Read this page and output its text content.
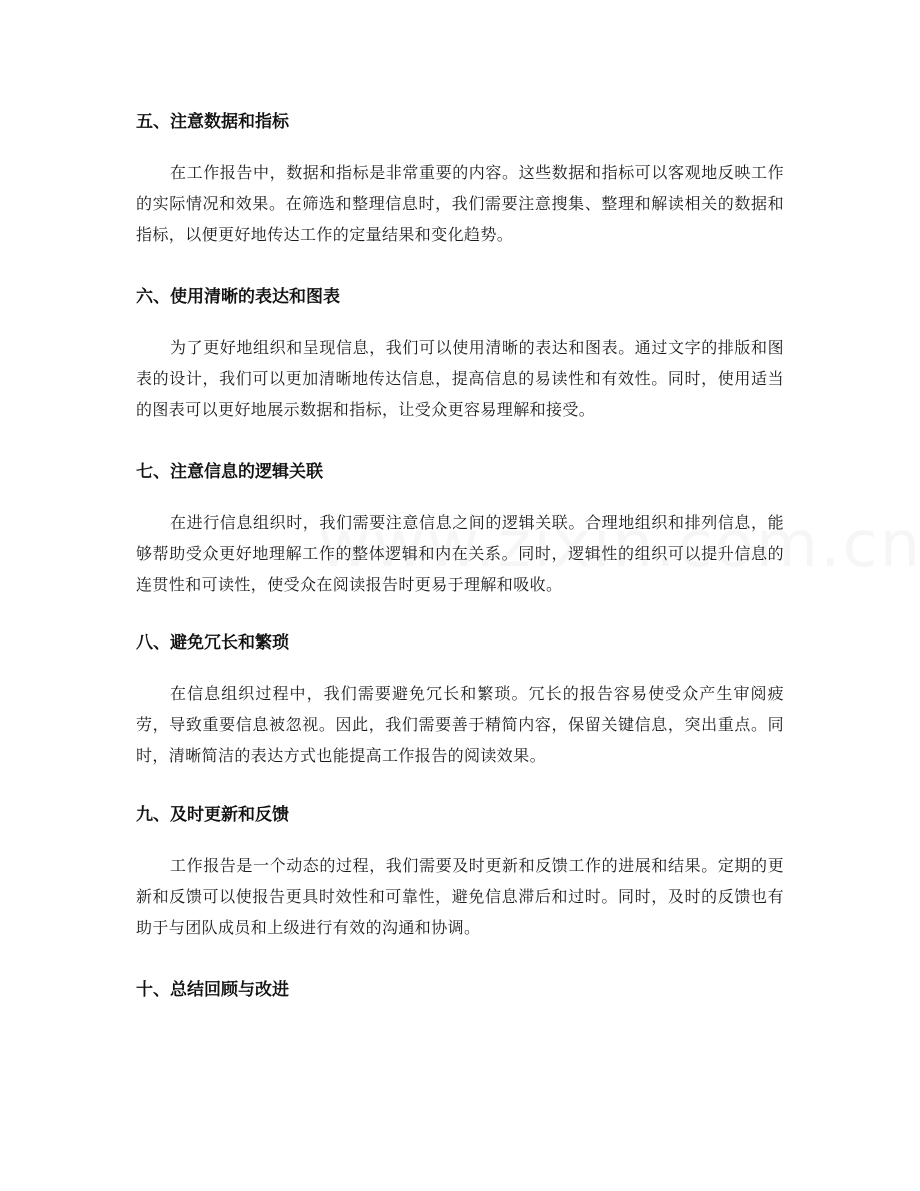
五、注意数据和指标

在工作报告中，数据和指标是非常重要的内容。这些数据和指标可以客观地反映工作的实际情况和效果。在筛选和整理信息时，我们需要注意搜集、整理和解读相关的数据和指标，以便更好地传达工作的定量结果和变化趋势。

六、使用清晰的表达和图表

为了更好地组织和呈现信息，我们可以使用清晰的表达和图表。通过文字的排版和图表的设计，我们可以更加清晰地传达信息，提高信息的易读性和有效性。同时，使用适当的图表可以更好地展示数据和指标，让受众更容易理解和接受。

七、注意信息的逻辑关联

在进行信息组织时，我们需要注意信息之间的逻辑关联。合理地组织和排列信息，能够帮助受众更好地理解工作的整体逻辑和内在关系。同时，逻辑性的组织可以提升信息的连贯性和可读性，使受众在阅读报告时更易于理解和吸收。

八、避免冗长和繁琐

在信息组织过程中，我们需要避免冗长和繁琐。冗长的报告容易使受众产生审阅疲劳，导致重要信息被忽视。因此，我们需要善于精简内容，保留关键信息，突出重点。同时，清晰简洁的表达方式也能提高工作报告的阅读效果。

九、及时更新和反馈

工作报告是一个动态的过程，我们需要及时更新和反馈工作的进展和结果。定期的更新和反馈可以使报告更具时效性和可靠性，避免信息滞后和过时。同时，及时的反馈也有助于与团队成员和上级进行有效的沟通和协调。

十、总结回顾与改进
